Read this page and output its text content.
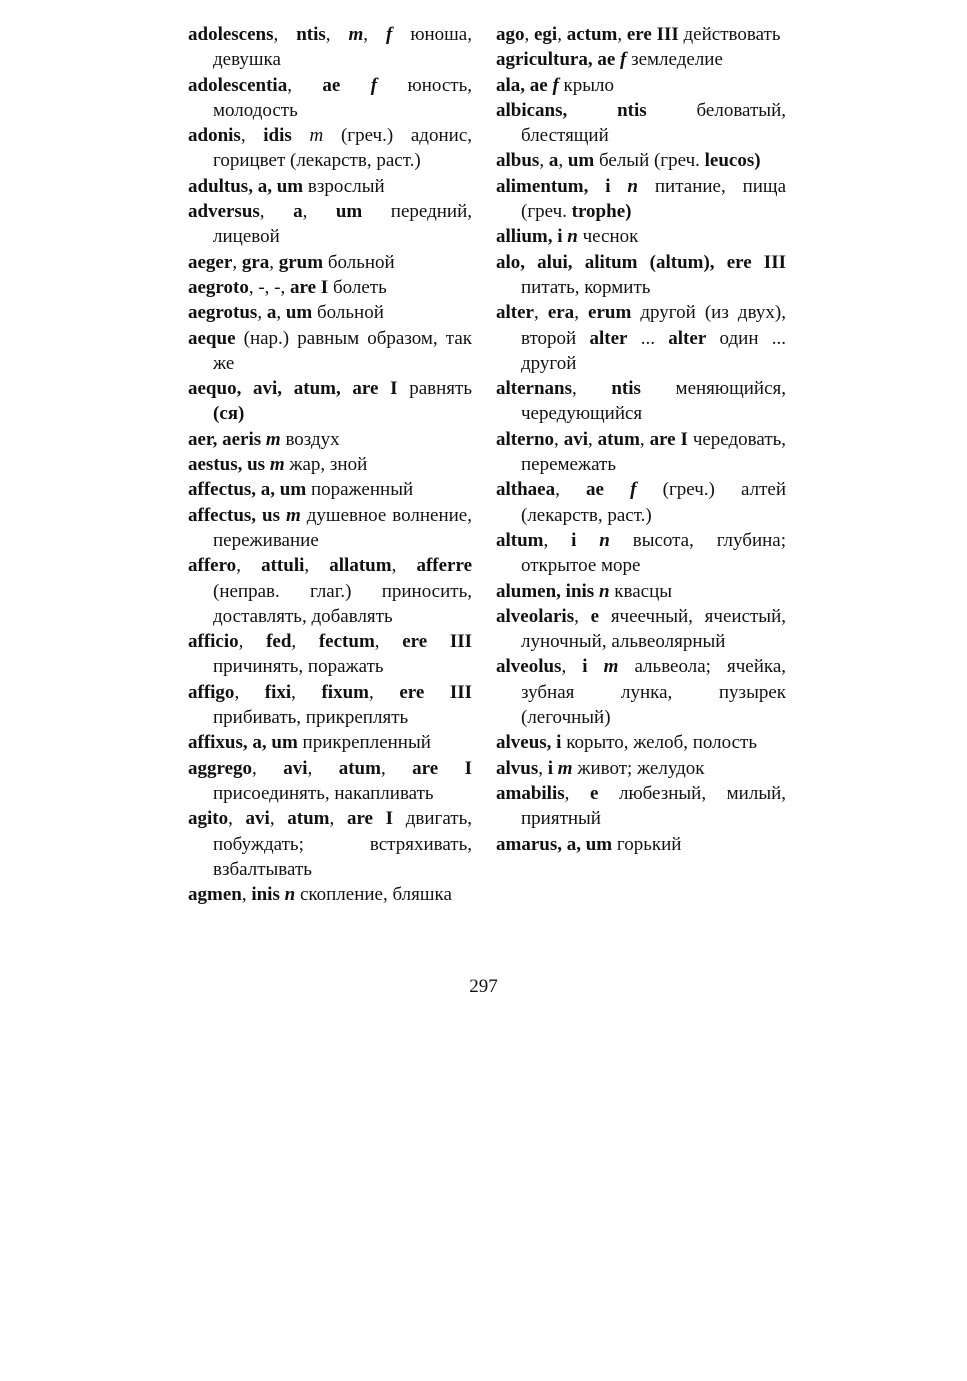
adolescens, ntis, m, f юноша, девушка
adolescentia, ae f юность, молодость
adonis, idis m (греч.) адонис, горицвет (лекарств, раст.)
adultus, a, um взрослый
adversus, a, um передний, лицевой
aeger, gra, grum больной
aegroto, -, -, are I болеть
aegrotus, a, um больной
aeque (нар.) равным образом, так же
aequo, avi, atum, are I равнять (ся)
aer, aeris m воздух
aestus, us m жар, зной
affectus, a, um пораженный
affectus, us m душевное волнение, переживание
affero, attuli, allatum, afferre (неправ. глаг.) приносить, доставлять, добавлять
afficio, fed, fectum, ere III причинять, поражать
affigo, fixi, fixum, ere III прибивать, прикреплять
affixus, a, um прикрепленный
aggrego, avi, atum, are I присоединять, накапливать
agito, avi, atum, are I двигать, побуждать; встряхивать, взбалтывать
agmen, inis n скопление, бляшка
ago, egi, actum, ere III действовать
agricultura, ae f земледелие
ala, ae f крыло
albicans, ntis беловатый, блестящий
albus, a, um белый (греч. leucos)
alimentum, i n питание, пища (греч. trophe)
allium, i n чеснок
alo, alui, alitum (altum), ere III питать, кормить
alter, era, erum другой (из двух), второй alter ... alter один ... другой
alternans, ntis меняющийся, чередующийся
alterno, avi, atum, are I чередовать, перемежать
althaea, ae f (греч.) алтей (лекарств, раст.)
altum, i n высота, глубина; открытое море
alumen, inis n квасцы
alveolaris, e ячеечный, ячеистый, луночный, альвеолярный
alveolus, i m альвеола; ячейка, зубная лунка, пузырек (легочный)
alveus, i корыто, желоб, полость
alvus, i m живот; желудок
amabilis, e любезный, милый, приятный
amarus, a, um горький
297
